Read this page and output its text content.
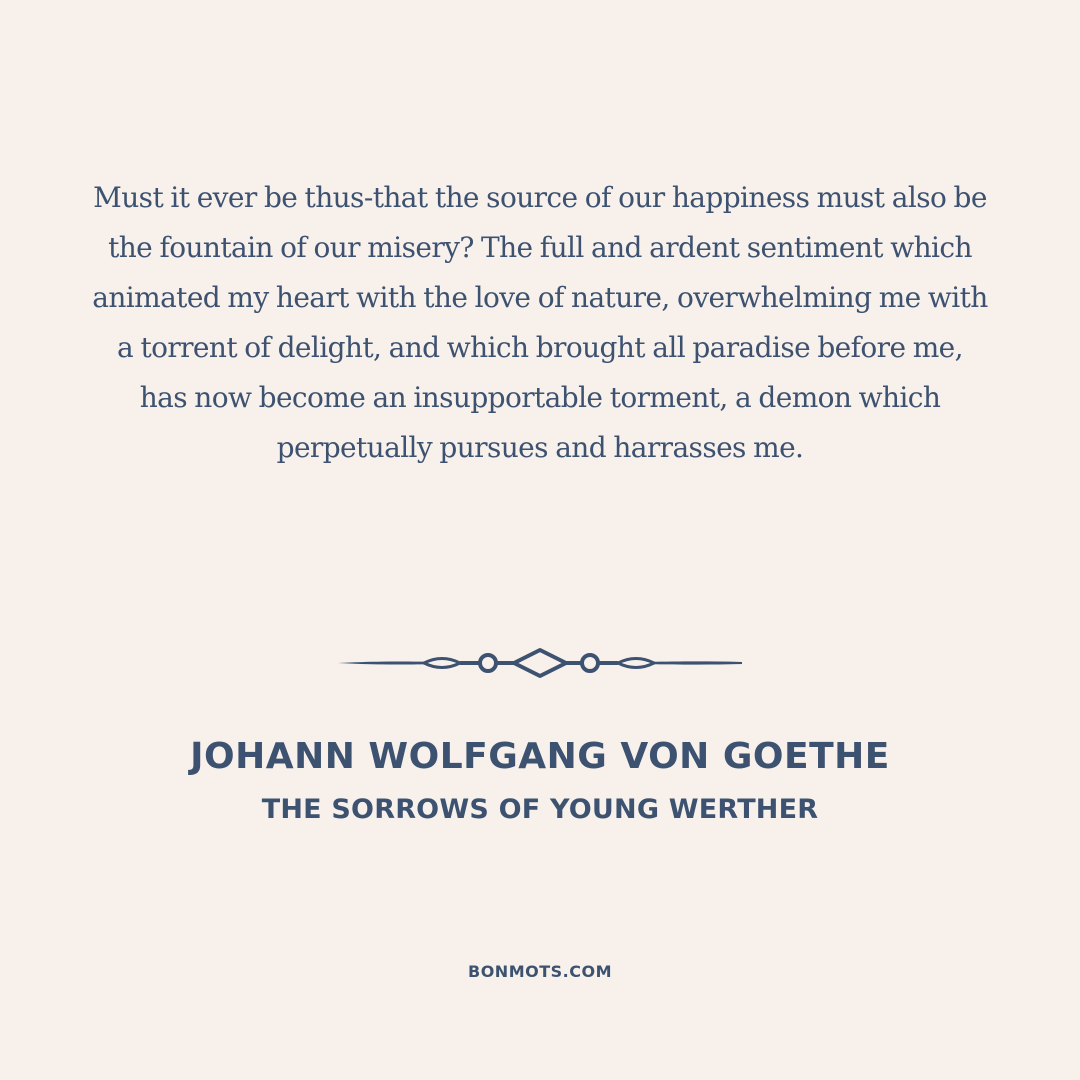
Must it ever be thus-that the source of our happiness must also be the fountain of our misery? The full and ardent sentiment which animated my heart with the love of nature, overwhelming me with a torrent of delight, and which brought all paradise before me, has now become an insupportable torment, a demon which perpetually pursues and harrasses me.

JOHANN WOLFGANG VON GOETHE
THE SORROWS OF YOUNG WERTHER
BONMOTS.COM
